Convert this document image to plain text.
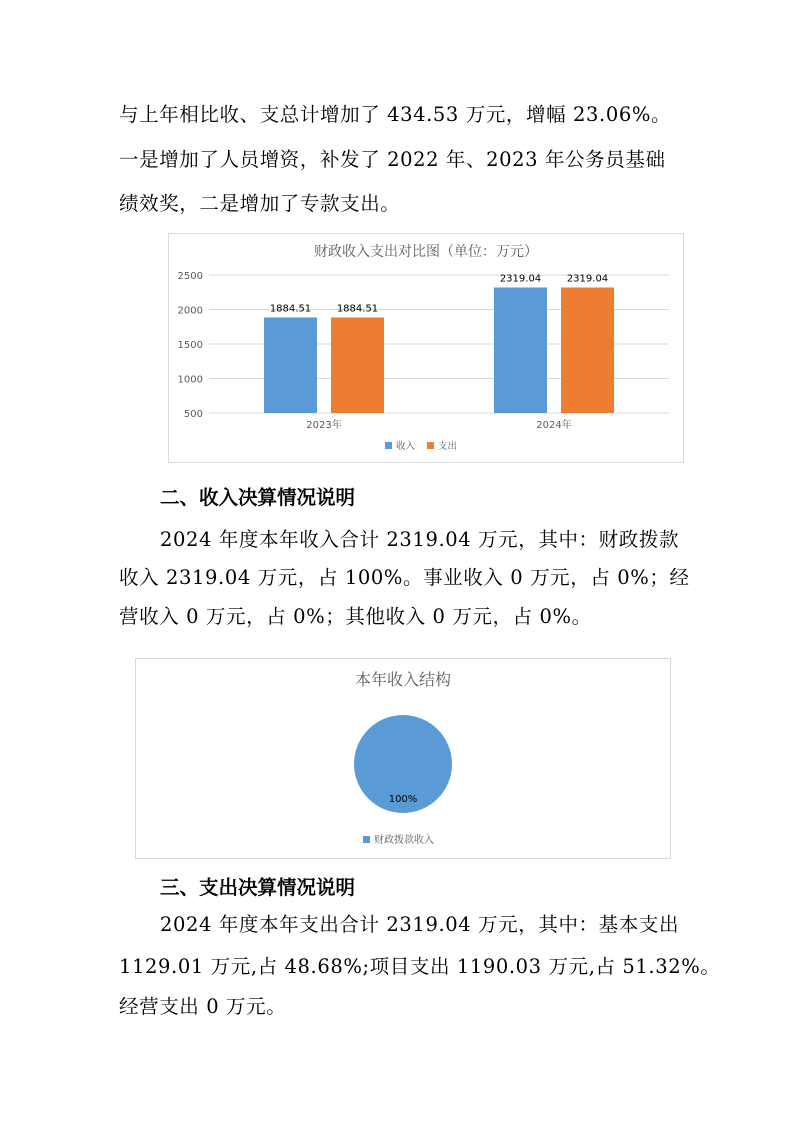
与上年相比收、支总计增加了 434.53 万元，增幅 23.06%。
一是增加了人员增资，补发了 2022 年、2023 年公务员基础
绩效奖，二是增加了专款支出。
财政收入支出对比图（单位：万元）
2500
2000
1500
1000
500
1884.51	1884.51
2319.04	2319.04
2023年	2024年
收入 支出
二、收入决算情况说明
2024 年度本年收入合计 2319.04 万元，其中：财政拨款
收入 2319.04 万元，占 100%。事业收入 0 万元，占 0%；经
营收入 0 万元，占 0%；其他收入 0 万元，占 0%。
本年收入结构
100%
财政拨款收入
三、支出决算情况说明
2024 年度本年支出合计 2319.04 万元，其中：基本支出
1129.01 万元,占 48.68%;项目支出 1190.03 万元,占 51.32%。
经营支出 0 万元。
